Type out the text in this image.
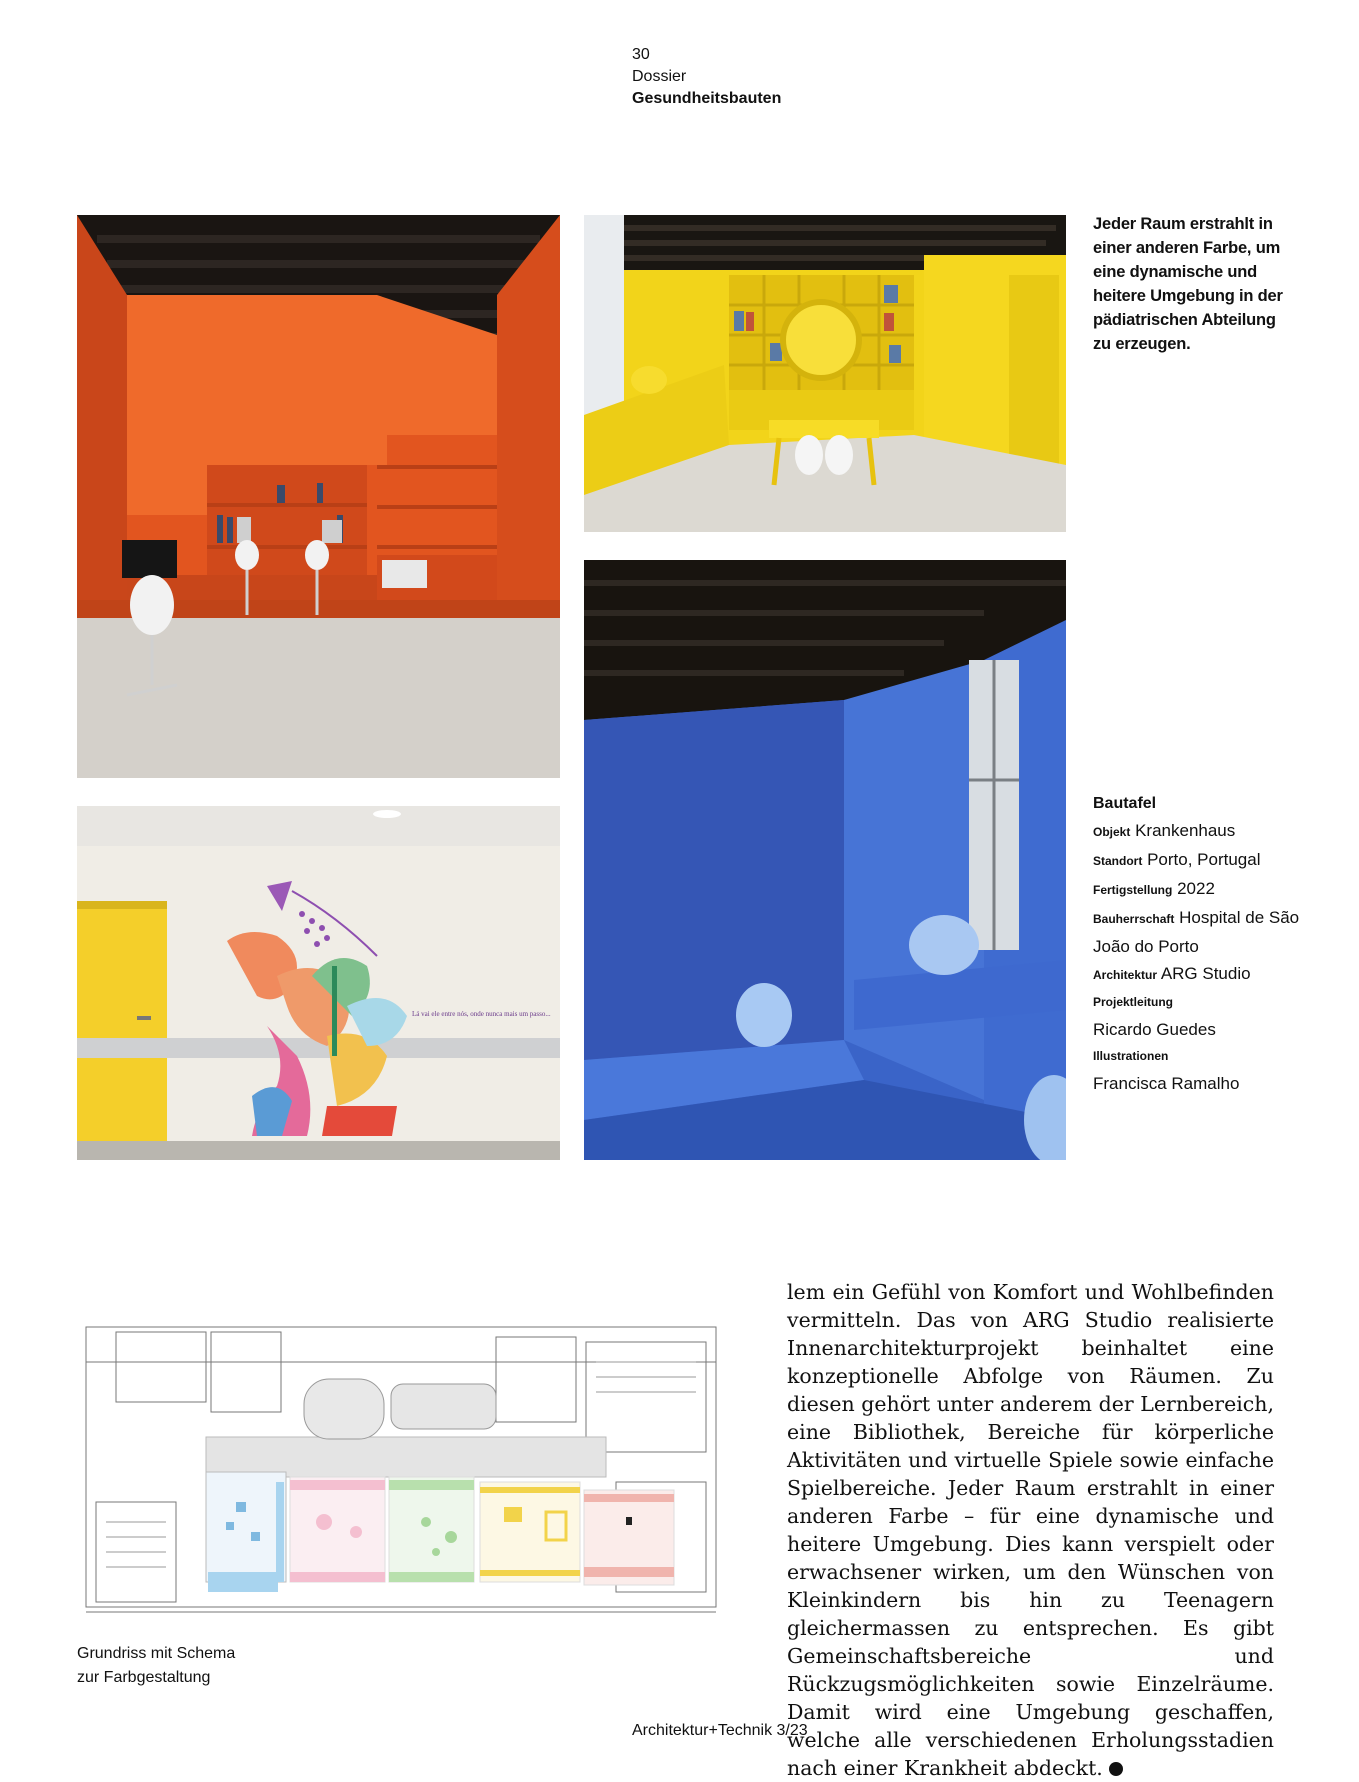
30
Dossier
Gesundheitsbauten
Jeder Raum erstrahlt in einer anderen Farbe, um eine dynamische und heitere Umgebung in der pädiatrischen Abteilung zu erzeugen.
Lá vai ele entre nós, onde nunca mais um passo...
Bautafel
Objekt Krankenhaus
Standort Porto, Portugal
Fertigstellung 2022
Bauherrschaft Hospital de São João do Porto
Architektur ARG Studio
Projektleitung
Ricardo Guedes
Illustrationen
Francisca Ramalho
Grundriss mit Schema
zur Farbgestaltung
lem ein Gefühl von Komfort und Wohlbefinden vermitteln. Das von ARG Studio realisierte Innenarchitekturprojekt beinhaltet eine konzeptionelle Abfolge von Räumen. Zu diesen gehört unter anderem der Lernbereich, eine Bibliothek, Bereiche für körperliche Aktivitäten und virtuelle Spiele sowie einfache Spielbereiche. Jeder Raum erstrahlt in einer anderen Farbe – für eine dynamische und heitere Umgebung. Dies kann verspielt oder erwachsener wirken, um den Wünschen von Kleinkindern bis hin zu Teenagern gleichermassen zu entsprechen. Es gibt Gemeinschaftsbereiche und Rückzugsmöglichkeiten sowie Einzelräume. Damit wird eine Umgebung geschaffen, welche alle verschiedenen Erholungsstadien nach einer Krankheit abdeckt.
Architektur+Technik 3/23
